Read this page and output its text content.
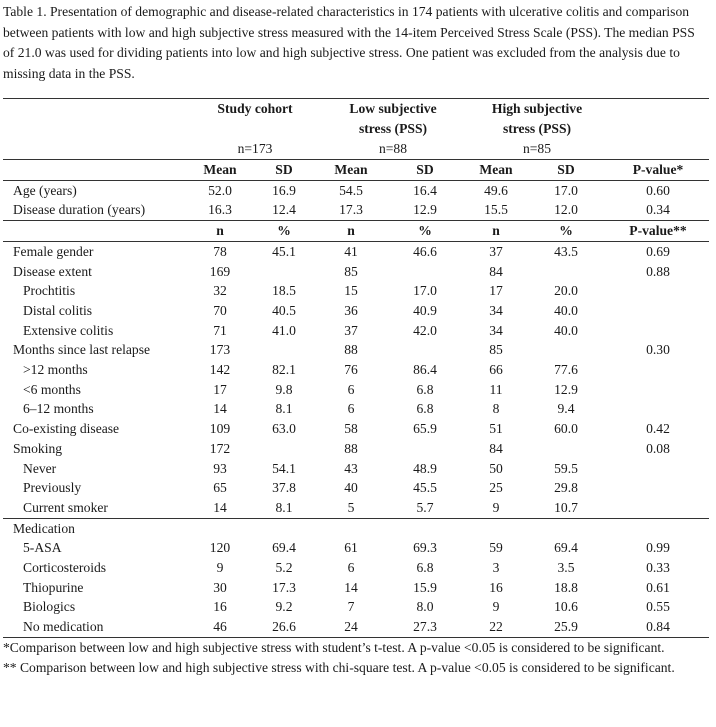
Table 1. Presentation of demographic and disease-related characteristics in 174 patients with ulcerative colitis and comparison between patients with low and high subjective stress measured with the 14-item Perceived Stress Scale (PSS). The median PSS of 21.0 was used for dividing patients into low and high subjective stress. One patient was excluded from the analysis due to missing data in the PSS.
	Study cohort		Low subjective		High subjective		
			stress (PSS)		stress (PSS)		
	n=173		n=88		n=85		
	Mean	SD	Mean	SD	Mean	SD	P-value*
Age (years)	52.0	16.9	54.5	16.4	49.6	17.0	0.60
Disease duration (years)	16.3	12.4	17.3	12.9	15.5	12.0	0.34
	n	%	n	%	n	%	P-value**
Female gender	78	45.1	41	46.6	37	43.5	0.69
Disease extent	169		85		84		0.88
Prochtitis	32	18.5	15	17.0	17	20.0	
Distal colitis	70	40.5	36	40.9	34	40.0	
Extensive colitis	71	41.0	37	42.0	34	40.0	
Months since last relapse	173		88		85		0.30
>12 months	142	82.1	76	86.4	66	77.6	
<6 months	17	9.8	6	6.8	11	12.9	
6–12 months	14	8.1	6	6.8	8	9.4	
Co-existing disease	109	63.0	58	65.9	51	60.0	0.42
Smoking	172		88		84		0.08
Never	93	54.1	43	48.9	50	59.5	
Previously	65	37.8	40	45.5	25	29.8	
Current smoker	14	8.1	5	5.7	9	10.7	
Medication							
5-ASA	120	69.4	61	69.3	59	69.4	0.99
Corticosteroids	9	5.2	6	6.8	3	3.5	0.33
Thiopurine	30	17.3	14	15.9	16	18.8	0.61
Biologics	16	9.2	7	8.0	9	10.6	0.55
No medication	46	26.6	24	27.3	22	25.9	0.84

*Comparison between low and high subjective stress with student’s t-test. A p-value <0.05 is considered to be significant.

** Comparison between low and high subjective stress with chi-square test. A p-value <0.05 is considered to be significant.
